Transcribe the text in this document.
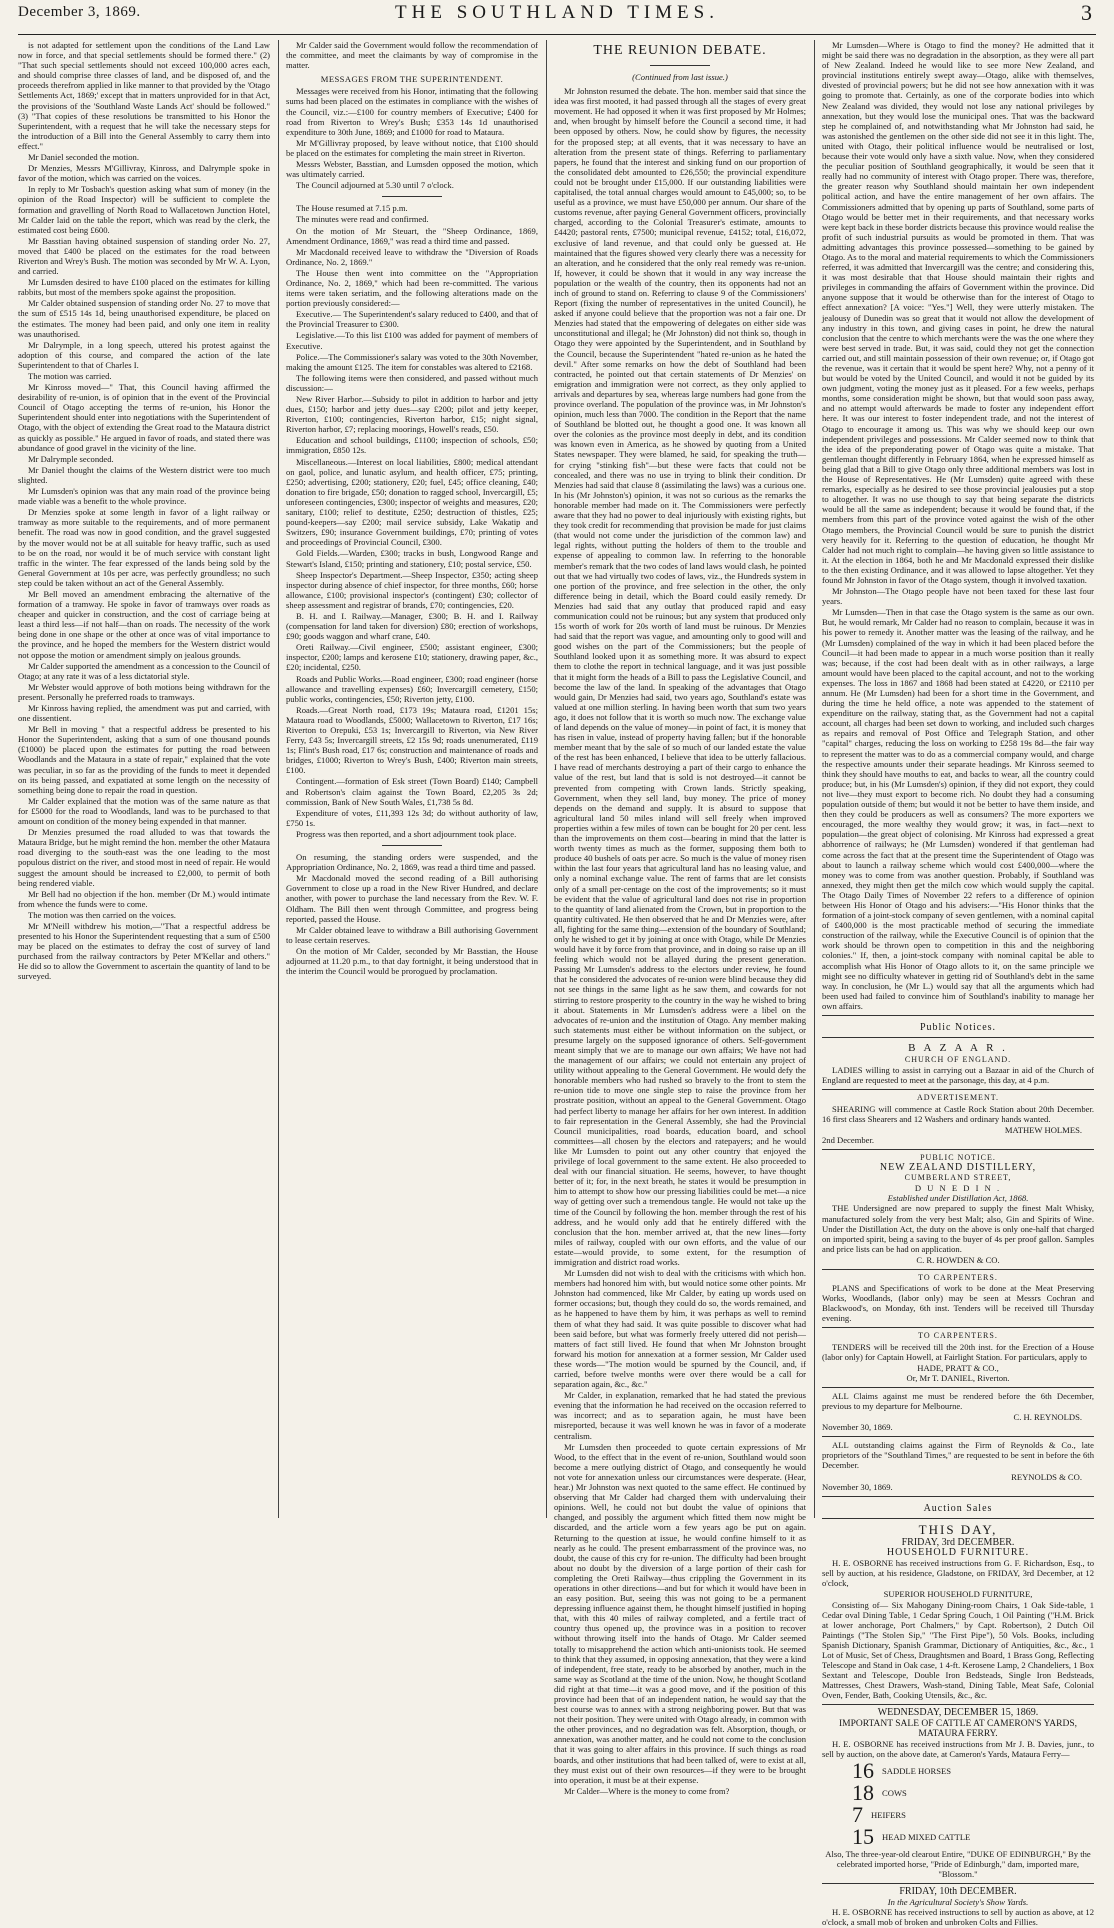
December 3, 1869.	THE SOUTHLAND TIMES.	3

is not adapted for settlement upon the conditions of the Land Law now in force, and that special settlements should be formed there." (2) "That such special settlements should not exceed 100,000 acres each, and should comprise three classes of land, and be disposed of, and the proceeds therefrom applied in like manner to that provided by the 'Otago Settlements Act, 1869;' except that in matters unprovided for in that Act, the provisions of the 'Southland Waste Lands Act' should be followed." (3) "That copies of these resolutions be transmitted to his Honor the Superintendent, with a request that he will take the necessary steps for the introduction of a Bill into the General Assembly to carry them into effect."

Mr Daniel seconded the motion.

Dr Menzies, Messrs M'Gillivray, Kinross, and Dalrymple spoke in favor of the motion, which was carried on the voices.

In reply to Mr Tosbach's question asking what sum of money (in the opinion of the Road Inspector) will be sufficient to complete the formation and gravelling of North Road to Wallacetown Junction Hotel, Mr Calder laid on the table the report, which was read by the clerk, the estimated cost being £600.

Mr Basstian having obtained suspension of standing order No. 27, moved that £400 be placed on the estimates for the road between Riverton and Wrey's Bush. The motion was seconded by Mr W. A. Lyon, and carried.

Mr Lumsden desired to have £100 placed on the estimates for killing rabbits, but most of the members spoke against the proposition.

Mr Calder obtained suspension of standing order No. 27 to move that the sum of £515 14s 1d, being unauthorised expenditure, be placed on the estimates. The money had been paid, and only one item in reality was unauthorised.

Mr Dalrymple, in a long speech, uttered his protest against the adoption of this course, and compared the action of the late Superintendent to that of Charles I.

The motion was carried.

Mr Kinross moved—" That, this Council having affirmed the desirability of re-union, is of opinion that in the event of the Provincial Council of Otago accepting the terms of re-union, his Honor the Superintendent should enter into negotiations with the Superintendent of Otago, with the object of extending the Great road to the Mataura district as quickly as possible." He argued in favor of roads, and stated there was abundance of good gravel in the vicinity of the line.

Mr Dalrymple seconded.

Mr Daniel thought the claims of the Western district were too much slighted.

Mr Lumsden's opinion was that any main road of the province being made viable was a benefit to the whole province.

Dr Menzies spoke at some length in favor of a light railway or tramway as more suitable to the requirements, and of more permanent benefit. The road was now in good condition, and the gravel suggested by the mover would not be at all suitable for heavy traffic, such as used to be on the road, nor would it be of much service with constant light traffic in the winter. The fear expressed of the lands being sold by the General Government at 10s per acre, was perfectly groundless; no such step could be taken without an act of the General Assembly.

Mr Bell moved an amendment embracing the alternative of the formation of a tramway. He spoke in favor of tramways over roads as cheaper and quicker in construction, and the cost of carriage being at least a third less—if not half—than on roads. The necessity of the work being done in one shape or the other at once was of vital importance to the province, and he hoped the members for the Western district would not oppose the motion or amendment simply on jealous grounds.

Mr Calder supported the amendment as a concession to the Council of Otago; at any rate it was of a less dictatorial style.

Mr Webster would approve of both motions being withdrawn for the present. Personally he preferred roads to tramways.

Mr Kinross having replied, the amendment was put and carried, with one dissentient.

Mr Bell in moving " that a respectful address be presented to his Honor the Superintendent, asking that a sum of one thousand pounds (£1000) be placed upon the estimates for putting the road between Woodlands and the Mataura in a state of repair," explained that the vote was peculiar, in so far as the providing of the funds to meet it depended on its being passed, and expatiated at some length on the necessity of something being done to repair the road in question.

Mr Calder explained that the motion was of the same nature as that for £5000 for the road to Woodlands, land was to be purchased to that amount on condition of the money being expended in that manner.

Dr Menzies presumed the road alluded to was that towards the Mataura Bridge, but he might remind the hon. member the other Mataura road diverging to the south-east was the one leading to the most populous district on the river, and stood most in need of repair. He would suggest the amount should be increased to £2,000, to permit of both being rendered viable.

Mr Bell had no objection if the hon. member (Dr M.) would intimate from whence the funds were to come.

The motion was then carried on the voices.

Mr M'Neill withdrew his motion,—"That a respectful address be presented to his Honor the Superintendent requesting that a sum of £500 may be placed on the estimates to defray the cost of survey of land purchased from the railway contractors by Peter M'Kellar and others." He did so to allow the Government to ascertain the quantity of land to be surveyed.

Mr Calder said the Government would follow the recommendation of the committee, and meet the claimants by way of compromise in the matter.

MESSAGES FROM THE SUPERINTENDENT.

Messages were received from his Honor, intimating that the following sums had been placed on the estimates in compliance with the wishes of the Council, viz.:—£100 for country members of Executive; £400 for road from Riverton to Wrey's Bush; £353 14s 1d unauthorised expenditure to 30th June, 1869; and £1000 for road to Mataura.

Mr M'Gillivray proposed, by leave without notice, that £100 should be placed on the estimates for completing the main street in Riverton.

Messrs Webster, Basstian, and Lumsden opposed the motion, which was ultimately carried.

The Council adjourned at 5.30 until 7 o'clock.

The House resumed at 7.15 p.m.

The minutes were read and confirmed.

On the motion of Mr Steuart, the "Sheep Ordinance, 1869, Amendment Ordinance, 1869," was read a third time and passed.

Mr Macdonald received leave to withdraw the "Diversion of Roads Ordinance, No. 2, 1869."

The House then went into committee on the "Appropriation Ordinance, No. 2, 1869," which had been re-committed. The various items were taken seriatim, and the following alterations made on the portion previously considered:—

Executive.— The Superintendent's salary reduced to £400, and that of the Provincial Treasurer to £300.

Legislative.—To this list £100 was added for payment of members of Executive.

Police.—The Commissioner's salary was voted to the 30th November, making the amount £125. The item for constables was altered to £2168.

The following items were then considered, and passed without much discussion:—

New River Harbor.—Subsidy to pilot in addition to harbor and jetty dues, £150; harbor and jetty dues—say £200; pilot and jetty keeper, Riverton, £100; contingencies, Riverton harbor, £15; night signal, Riverton harbor, £7; replacing moorings, Howell's reads, £50.

Education and school buildings, £1100; inspection of schools, £50; immigration, £850 12s.

Miscellaneous.—Interest on local liabilities, £800; medical attendant on gaol, police, and lunatic asylum, and health officer, £75; printing, £250; advertising, £200; stationery, £20; fuel, £45; office cleaning, £40; donation to fire brigade, £50; donation to ragged school, Invercargill, £5; unforeseen contingencies, £300; inspector of weights and measures, £20; sanitary, £100; relief to destitute, £250; destruction of thistles, £25; pound-keepers—say £200; mail service subsidy, Lake Wakatip and Switzers, £90; insurance Government buildings, £70; printing of votes and proceedings of Provincial Council, £300.

Gold Fields.—Warden, £300; tracks in bush, Longwood Range and Stewart's Island, £150; printing and stationery, £10; postal service, £50.

Sheep Inspector's Department.—Sheep Inspector, £350; acting sheep inspector during absence of chief inspector, for three months, £60; horse allowance, £100; provisional inspector's (contingent) £30; collector of sheep assessment and registrar of brands, £70; contingencies, £20.

B. H. and I. Railway.—Manager, £300; B. H. and I. Railway (compensation for land taken for diversion) £80; erection of workshops, £90; goods waggon and wharf crane, £40.

Oreti Railway.—Civil engineer, £500; assistant engineer, £300; inspector, £200; lamps and kerosene £10; stationery, drawing paper, &c., £20; incidental, £250.

Roads and Public Works.—Road engineer, £300; road engineer (horse allowance and travelling expenses) £60; Invercargill cemetery, £150; public works, contingencies, £50; Riverton jetty, £100.

Roads.—Great North road, £173 19s; Mataura road, £1201 15s; Mataura road to Woodlands, £5000; Wallacetown to Riverton, £17 16s; Riverton to Orepuki, £53 1s; Invercargill to Riverton, via New River Ferry, £43 5s; Invercargill streets, £2 15s 9d; roads unenumerated, £119 1s; Flint's Bush road, £17 6s; construction and maintenance of roads and bridges, £1000; Riverton to Wrey's Bush, £400; Riverton main streets, £100.

Contingent.—formation of Esk street (Town Board) £140; Campbell and Robertson's claim against the Town Board, £2,205 3s 2d; commission, Bank of New South Wales, £1,738 5s 8d.

Expenditure of votes, £11,393 12s 3d; do without authority of law, £750 1s.

Progress was then reported, and a short adjournment took place.

On resuming, the standing orders were suspended, and the Appropriation Ordinance, No. 2, 1869, was read a third time and passed.

Mr Macdonald moved the second reading of a Bill authorising Government to close up a road in the New River Hundred, and declare another, with power to purchase the land necessary from the Rev. W. F. Oldham. The Bill then went through Committee, and progress being reported, passed the House.

Mr Calder obtained leave to withdraw a Bill authorising Government to lease certain reserves.

On the motion of Mr Calder, seconded by Mr Basstian, the House adjourned at 11.20 p.m., to that day fortnight, it being understood that in the interim the Council would be prorogued by proclamation.

THE REUNION DEBATE.
(Continued from last issue.)

Mr Johnston resumed the debate. The hon. member said that since the idea was first mooted, it had passed through all the stages of every great movement. He had opposed it when it was first proposed by Mr Holmes; and, when brought by himself before the Council a second time, it had been opposed by others. Now, he could show by figures, the necessity for the proposed step; at all events, that it was necessary to have an alteration from the present state of things. Referring to parliamentary papers, he found that the interest and sinking fund on our proportion of the consolidated debt amounted to £26,550; the provincial expenditure could not be brought under £15,000. If our outstanding liabilities were capitalised, the total annual charges would amount to £45,000; so, to be useful as a province, we must have £50,000 per annum. Our share of the customs revenue, after paying General Government officers, provincially charged, according to the Colonial Treasurer's estimate, amounts to £4420; pastoral rents, £7500; municipal revenue, £4152; total, £16,072, exclusive of land revenue, and that could only be guessed at. He maintained that the figures showed very clearly there was a necessity for an alteration, and he considered that the only real remedy was re-union. If, however, it could be shown that it would in any way increase the population or the wealth of the country, then its opponents had not an inch of ground to stand on. Referring to clause 9 of the Commissioners' Report (fixing the number of representatives in the united Council), he asked if anyone could believe that the proportion was not a fair one. Dr Menzies had stated that the empowering of delegates on either side was unconstitutional and illegal; he (Mr Johnston) did not think so, though in Otago they were appointed by the Superintendent, and in Southland by the Council, because the Superintendent "hated re-union as he hated the devil." After some remarks on how the debt of Southland had been contracted, he pointed out that certain statements of Dr Menzies' on emigration and immigration were not correct, as they only applied to arrivals and departures by sea, whereas large numbers had gone from the province overland. The population of the province was, in Mr Johnston's opinion, much less than 7000. The condition in the Report that the name of Southland be blotted out, he thought a good one. It was known all over the colonies as the province most deeply in debt, and its condition was known even in America, as he showed by quoting from a United States newspaper. They were blamed, he said, for speaking the truth—for crying "stinking fish"—but these were facts that could not be concealed, and there was no use in trying to blink their condition. Dr Menzies had said that clause 8 (assimilating the laws) was a curious one. In his (Mr Johnston's) opinion, it was not so curious as the remarks the honorable member had made on it. The Commissioners were perfectly aware that they had no power to deal injuriously with existing rights, but they took credit for recommending that provision be made for just claims (that would not come under the jurisdiction of the common law) and legal rights, without putting the holders of them to the trouble and expense of appealing to common law. In referring to the honorable member's remark that the two codes of land laws would clash, he pointed out that we had virtually two codes of laws, viz., the Hundreds system in one portion of the province, and free selection in the other, the only difference being in detail, which the Board could easily remedy. Dr Menzies had said that any outlay that produced rapid and easy communication could not be ruinous; but any system that produced only 15s worth of work for 20s worth of land must be ruinous. Dr Menzies had said that the report was vague, and amounting only to good will and good wishes on the part of the Commissioners; but the people of Southland looked upon it as something more. It was absurd to expect them to clothe the report in technical language, and it was just possible that it might form the heads of a Bill to pass the Legislative Council, and become the law of the land. In speaking of the advantages that Otago would gain, Dr Menzies had said, two years ago, Southland's estate was valued at one million sterling. In having been worth that sum two years ago, it does not follow that it is worth so much now. The exchange value of land depends on the value of money—in point of fact, it is money that has risen in value, instead of property having fallen; but if the honorable member meant that by the sale of so much of our landed estate the value of the rest has been enhanced, I believe that idea to be utterly fallacious. I have read of merchants destroying a part of their cargo to enhance the value of the rest, but land that is sold is not destroyed—it cannot be prevented from competing with Crown lands. Strictly speaking, Government, when they sell land, buy money. The price of money depends on the demand and supply. It is absurd to suppose that agricultural land 50 miles inland will sell freely when improved properties within a few miles of town can be bought for 20 per cent. less than the improvements on them cost—bearing in mind that the latter is worth twenty times as much as the former, supposing them both to produce 40 bushels of oats per acre. So much is the value of money risen within the last four years that agricultural land has no leasing value, and only a nominal exchange value. The rent of farms that are let consists only of a small per-centage on the cost of the improvements; so it must be evident that the value of agricultural land does not rise in proportion to the quantity of land alienated from the Crown, but in proportion to the quantity cultivated. He then observed that he and Dr Menzies were, after all, fighting for the same thing—extension of the boundary of Southland; only he wished to get it by joining at once with Otago, while Dr Menzies would have it by force from that province, and in doing so raise up an ill feeling which would not be allayed during the present generation. Passing Mr Lumsden's address to the electors under review, he found that he considered the advocates of re-union were blind because they did not see things in the same light as he saw them, and cowards for not stirring to restore prosperity to the country in the way he wished to bring it about. Statements in Mr Lumsden's address were a libel on the advocates of re-union and the institution of Otago. Any member making such statements must either be without information on the subject, or presume largely on the supposed ignorance of others. Self-government meant simply that we are to manage our own affairs; We have not had the management of our affairs; we could not entertain any project of utility without appealing to the General Government. He would defy the honorable members who had rushed so bravely to the front to stem the re-union tide to move one single step to raise the province from her prostrate position, without an appeal to the General Government. Otago had perfect liberty to manage her affairs for her own interest. In addition to fair representation in the General Assembly, she had the Provincial Council municipalities, road boards, education board, and school committees—all chosen by the electors and ratepayers; and he would like Mr Lumsden to point out any other country that enjoyed the privilege of local government to the same extent. He also proceeded to deal with our financial situation. He seems, however, to have thought better of it; for, in the next breath, he states it would be presumption in him to attempt to show how our pressing liabilities could be met—a nice way of getting over such a tremendous tangle. He would not take up the time of the Council by following the hon. member through the rest of his address, and he would only add that he entirely differed with the conclusion that the hon. member arrived at, that the new lines—forty miles of railway, coupled with our own efforts, and the value of our estate—would provide, to some extent, for the resumption of immigration and district road works.

Mr Lumsden did not wish to deal with the criticisms with which hon. members had honored him with, but would notice some other points. Mr Johnston had commenced, like Mr Calder, by eating up words used on former occasions; but, though they could do so, the words remained, and as he happened to have them by him, it was perhaps as well to remind them of what they had said. It was quite possible to discover what had been said before, but what was formerly freely uttered did not perish—matters of fact still lived. He found that when Mr Johnston brought forward his motion for annexation at a former session, Mr Calder used these words—"The motion would be spurned by the Council, and, if carried, before twelve months were over there would be a call for separation again, &c., &c."

Mr Calder, in explanation, remarked that he had stated the previous evening that the information he had received on the occasion referred to was incorrect; and as to separation again, he must have been misreported, because it was well known he was in favor of a moderate centralism.

Mr Lumsden then proceeded to quote certain expressions of Mr Wood, to the effect that in the event of re-union, Southland would soon become a mere outlying district of Otago, and consequently he would not vote for annexation unless our circumstances were desperate. (Hear, hear.) Mr Johnston was next quoted to the same effect. He continued by observing that Mr Calder had charged them with undervaluing their opinions. Well, he could not but doubt the value of opinions that changed, and possibly the argument which fitted them now might be discarded, and the article worn a few years ago be put on again. Returning to the question at issue, he would confine himself to it as nearly as he could. The present embarrassment of the province was, no doubt, the cause of this cry for re-union. The difficulty had been brought about no doubt by the diversion of a large portion of their cash for completing the Oreti Railway—thus crippling the Government in its operations in other directions—and but for which it would have been in an easy position. But, seeing this was not going to be a permanent depressing influence against them, he thought himself justified in hoping that, with this 40 miles of railway completed, and a fertile tract of country thus opened up, the province was in a position to recover without throwing itself into the hands of Otago. Mr Calder seemed totally to misapprehend the action which anti-unionists took. He seemed to think that they assumed, in opposing annexation, that they were a kind of independent, free state, ready to be absorbed by another, much in the same way as Scotland at the time of the union. Now, he thought Scotland did right at that time—it was a good move, and if the position of this province had been that of an independent nation, he would say that the best course was to annex with a strong neighboring power. But that was not their position. They were united with Otago already, in common with the other provinces, and no degradation was felt. Absorption, though, or annexation, was another matter, and he could not come to the conclusion that it was going to alter affairs in this province. If such things as road boards, and other institutions that had been talked of, were to exist at all, they must exist out of their own resources—if they were to be brought into operation, it must be at their expense.

Mr Calder—Where is the money to come from?

Mr Lumsden—Where is Otago to find the money? He admitted that it might be said there was no degradation in the absorption, as they were all part of New Zealand. Indeed he would like to see more New Zealand, and provincial institutions entirely swept away—Otago, alike with themselves, divested of provincial powers; but he did not see how annexation with it was going to promote that. Certainly, as one of the corporate bodies into which New Zealand was divided, they would not lose any national privileges by annexation, but they would lose the municipal ones. That was the backward step he complained of, and notwithstanding what Mr Johnston had said, he was astonished the gentlemen on the other side did not see it in this light. The, united with Otago, their political influence would be neutralised or lost, because their vote would only have a sixth value. Now, when they considered the peculiar position of Southland geographically, it would be seen that it really had no community of interest with Otago proper. There was, therefore, the greater reason why Southland should maintain her own independent political action, and have the entire management of her own affairs. The Commissioners admitted that by opening up parts of Southland, some parts of Otago would be better met in their requirements, and that necessary works were kept back in these border districts because this province would realise the profit of such industrial pursuits as would be promoted in them. That was admitting advantages this province possessed—something to be gained by Otago. As to the moral and material requirements to which the Commissioners referred, it was admitted that Invercargill was the centre; and considering this, it was most desirable that that House should maintain their rights and privileges in commanding the affairs of Government within the province. Did anyone suppose that it would be otherwise than for the interest of Otago to effect annexation? [A voice: "Yes."] Well, they were utterly mistaken. The jealousy of Dunedin was so great that it would not allow the development of any industry in this town, and giving cases in point, he drew the natural conclusion that the centre to which merchants were the was the one where they were best served in trade. But, it was said, could they not get the connection carried out, and still maintain possession of their own revenue; or, if Otago got the revenue, was it certain that it would be spent here? Why, not a penny of it but would be voted by the United Council, and would it not be guided by its own judgment, voting the money just as it pleased. For a few weeks, perhaps months, some consideration might be shown, but that would soon pass away, and no attempt would afterwards be made to foster any independent effort here. It was our interest to foster independent trade, and not the interest of Otago to encourage it among us. This was why we should keep our own independent privileges and possessions. Mr Calder seemed now to think that the idea of the preponderating power of Otago was quite a mistake. That gentleman thought differently in February 1864, when he expressed himself as being glad that a Bill to give Otago only three additional members was lost in the House of Representatives. He (Mr Lumsden) quite agreed with these remarks, especially as he desired to see those provincial jealousies put a stop to altogether. It was no use though to say that being separate the districts would be all the same as independent; because it would be found that, if the members from this part of the province voted against the wish of the other Otago members, the Provincial Council would be sure to punish the district very heavily for it. Referring to the question of education, he thought Mr Calder had not much right to complain—he having given so little assistance to it. At the election in 1864, both he and Mr Macdonald expressed their dislike to the then existing Ordinance, and it was allowed to lapse altogether. Yet they found Mr Johnston in favor of the Otago system, though it involved taxation.

Mr Johnston—The Otago people have not been taxed for these last four years.

Mr Lumsden—Then in that case the Otago system is the same as our own. But, he would remark, Mr Calder had no reason to complain, because it was in his power to remedy it. Another matter was the leasing of the railway, and he (Mr Lumsden) complained of the way in which it had been placed before the Council—it had been made to appear in a much worse position than it really was; because, if the cost had been dealt with as in other railways, a large amount would have been placed to the capital account, and not to the working expenses. The loss in 1867 and 1868 had been stated at £4220, or £2110 per annum. He (Mr Lumsden) had been for a short time in the Government, and during the time he held office, a note was appended to the statement of expenditure on the railway, stating that, as the Government had not a capital account, all charges had been set down to working, and included such charges as repairs and removal of Post Office and Telegraph Station, and other "capital" charges, reducing the loss on working to £258 19s 8d—the fair way to represent the matter was to do as a commercial company would, and charge the respective amounts under their separate headings. Mr Kinross seemed to think they should have mouths to eat, and backs to wear, all the country could produce; but, in his (Mr Lumsden's) opinion, if they did not export, they could not live—they must export to become rich. No doubt they had a consuming population outside of them; but would it not be better to have them inside, and then they could be producers as well as consumers? The more exporters we encouraged, the more wealthy they would grow; it was, in fact—next to population—the great object of colonising. Mr Kinross had expressed a great abhorrence of railways; he (Mr Lumsden) wondered if that gentleman had come across the fact that at the present time the Superintendent of Otago was about to launch a railway scheme which would cost £400,000—where the money was to come from was another question. Probably, if Southland was annexed, they might then get the milch cow which would supply the capital. The Otago Daily Times of November 22 refers to a difference of opinion between His Honor of Otago and his advisers:—"His Honor thinks that the formation of a joint-stock company of seven gentlemen, with a nominal capital of £400,000 is the most practicable method of securing the immediate construction of the railway, while the Executive Council is of opinion that the work should be thrown open to competition in this and the neighboring colonies." If, then, a joint-stock company with nominal capital be able to accomplish what His Honor of Otago allots to it, on the same principle we might see no difficulty whatever in getting rid of Southland's debt in the same way. In conclusion, he (Mr L.) would say that all the arguments which had been used had failed to convince him of Southland's inability to manage her own affairs.

Public Notices.
B A Z A A R .
CHURCH OF ENGLAND.

LADIES willing to assist in carrying out a Bazaar in aid of the Church of England are requested to meet at the parsonage, this day, at 4 p.m.

ADVERTISEMENT.

SHEARING will commence at Castle Rock Station about 20th December. 16 first class Shearers and 12 Washers and ordinary hands wanted.

MATHEW HOLMES.
2nd December.
PUBLIC NOTICE.
NEW ZEALAND DISTILLERY,
CUMBERLAND STREET,
D U N E D I N .
Established under Distillation Act, 1868.

THE Undersigned are now prepared to supply the finest Malt Whisky, manufactured solely from the very best Malt; also, Gin and Spirits of Wine. Under the Distillation Act, the duty on the above is only one-half that charged on imported spirit, being a saving to the buyer of 4s per proof gallon. Samples and price lists can be had on application.

C. R. HOWDEN & CO.
TO CARPENTERS.

PLANS and Specifications of work to be done at the Meat Preserving Works, Woodlands, (labor only) may be seen at Messrs Cochran and Blackwood's, on Monday, 6th inst. Tenders will be received till Thursday evening.

TO CARPENTERS.

TENDERS will be received till the 20th inst. for the Erection of a House (labor only) for Captain Howell, at Fairlight Station. For particulars, apply to

HADE, PRATT & CO.,
Or, Mr T. DANIEL, Riverton.

ALL Claims against me must be rendered before the 6th December, previous to my departure for Melbourne.

C. H. REYNOLDS.
November 30, 1869.

ALL outstanding claims against the Firm of Reynolds & Co., late proprietors of the "Southland Times," are requested to be sent in before the 6th December.

REYNOLDS & CO.
November 30, 1869.
Auction Sales
THIS DAY,
FRIDAY, 3rd DECEMBER.
HOUSEHOLD FURNITURE.

H. E. OSBORNE has received instructions from G. F. Richardson, Esq., to sell by auction, at his residence, Gladstone, on FRIDAY, 3rd December, at 12 o'clock,

SUPERIOR HOUSEHOLD FURNITURE,

Consisting of— Six Mahogany Dining-room Chairs, 1 Oak Side-table, 1 Cedar oval Dining Table, 1 Cedar Spring Couch, 1 Oil Painting ("H.M. Brick at lower anchorage, Port Chalmers," by Capt. Robertson), 2 Dutch Oil Paintings ("The Stolen Sip," "The First Pipe"), 50 Vols. Books, including Spanish Dictionary, Spanish Grammar, Dictionary of Antiquities, &c., &c., 1 Lot of Music, Set of Chess, Draughtsmen and Board, 1 Brass Gong, Reflecting Telescope and Stand in Oak case, 1 4-ft. Kerosene Lamp, 2 Chandeliers, 1 Box Sextant and Telescope, Double Iron Bedsteads, Single Iron Bedsteads, Mattresses, Chest Drawers, Wash-stand, Dining Table, Meat Safe, Colonial Oven, Fender, Bath, Cooking Utensils, &c., &c.

WEDNESDAY, DECEMBER 15, 1869.
IMPORTANT SALE OF CATTLE AT CAMERON'S YARDS, MATAURA FERRY.

H. E. OSBORNE has received instructions from Mr J. B. Davies, junr., to sell by auction, on the above date, at Cameron's Yards, Mataura Ferry—

16 SADDLE HORSES
18 COWS
7 HEIFERS
15 HEAD MIXED CATTLE

Also, The three-year-old clearout Entire, "DUKE OF EDINBURGH," By the celebrated imported horse, "Pride of Edinburgh," dam, imported mare, "Blossom."

FRIDAY, 10th DECEMBER.
In the Agricultural Society's Show Yards.

H. E. OSBORNE has received instructions to sell by auction as above, at 12 o'clock, a small mob of broken and unbroken Colts and Fillies.
